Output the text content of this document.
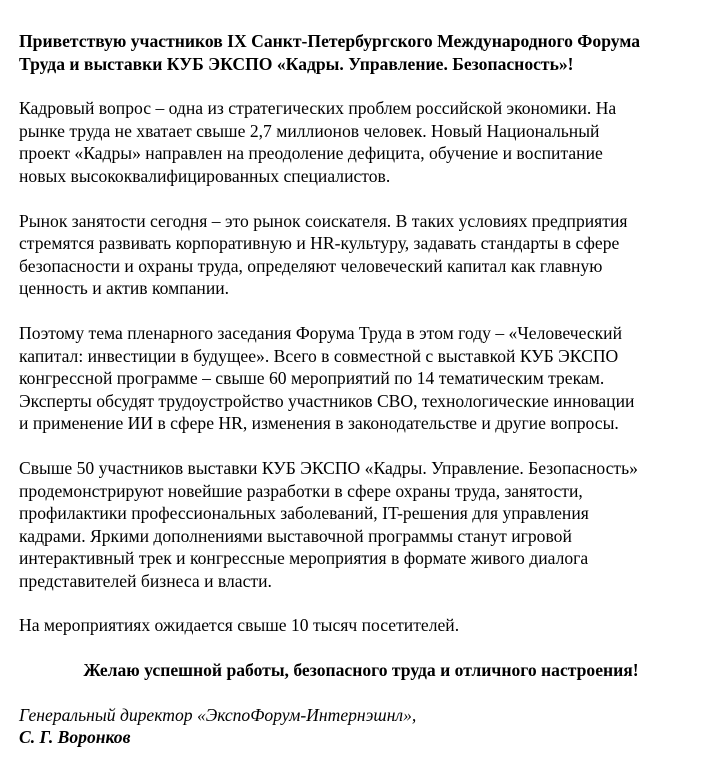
Приветствую участников IX Санкт-Петербургского Международного Форума
Труда и выставки КУБ ЭКСПО «Кадры. Управление. Безопасность»!

Кадровый вопрос – одна из стратегических проблем российской экономики. На
рынке труда не хватает свыше 2,7 миллионов человек. Новый Национальный
проект «Кадры» направлен на преодоление дефицита, обучение и воспитание
новых высококвалифицированных специалистов.

Рынок занятости сегодня – это рынок соискателя. В таких условиях предприятия
стремятся развивать корпоративную и HR-культуру, задавать стандарты в сфере
безопасности и охраны труда, определяют человеческий капитал как главную
ценность и актив компании.

Поэтому тема пленарного заседания Форума Труда в этом году – «Человеческий
капитал: инвестиции в будущее». Всего в совместной с выставкой КУБ ЭКСПО
конгрессной программе – свыше 60 мероприятий по 14 тематическим трекам.
Эксперты обсудят трудоустройство участников СВО, технологические инновации
и применение ИИ в сфере HR, изменения в законодательстве и другие вопросы.

Свыше 50 участников выставки КУБ ЭКСПО «Кадры. Управление. Безопасность»
продемонстрируют новейшие разработки в сфере охраны труда, занятости,
профилактики профессиональных заболеваний, IT-решения для управления
кадрами. Яркими дополнениями выставочной программы станут игровой
интерактивный трек и конгрессные мероприятия в формате живого диалога
представителей бизнеса и власти.

На мероприятиях ожидается свыше 10 тысяч посетителей.

Желаю успешной работы, безопасного труда и отличного настроения!

Генеральный директор «ЭкспоФорум-Интернэшнл»,
С. Г. Воронков
